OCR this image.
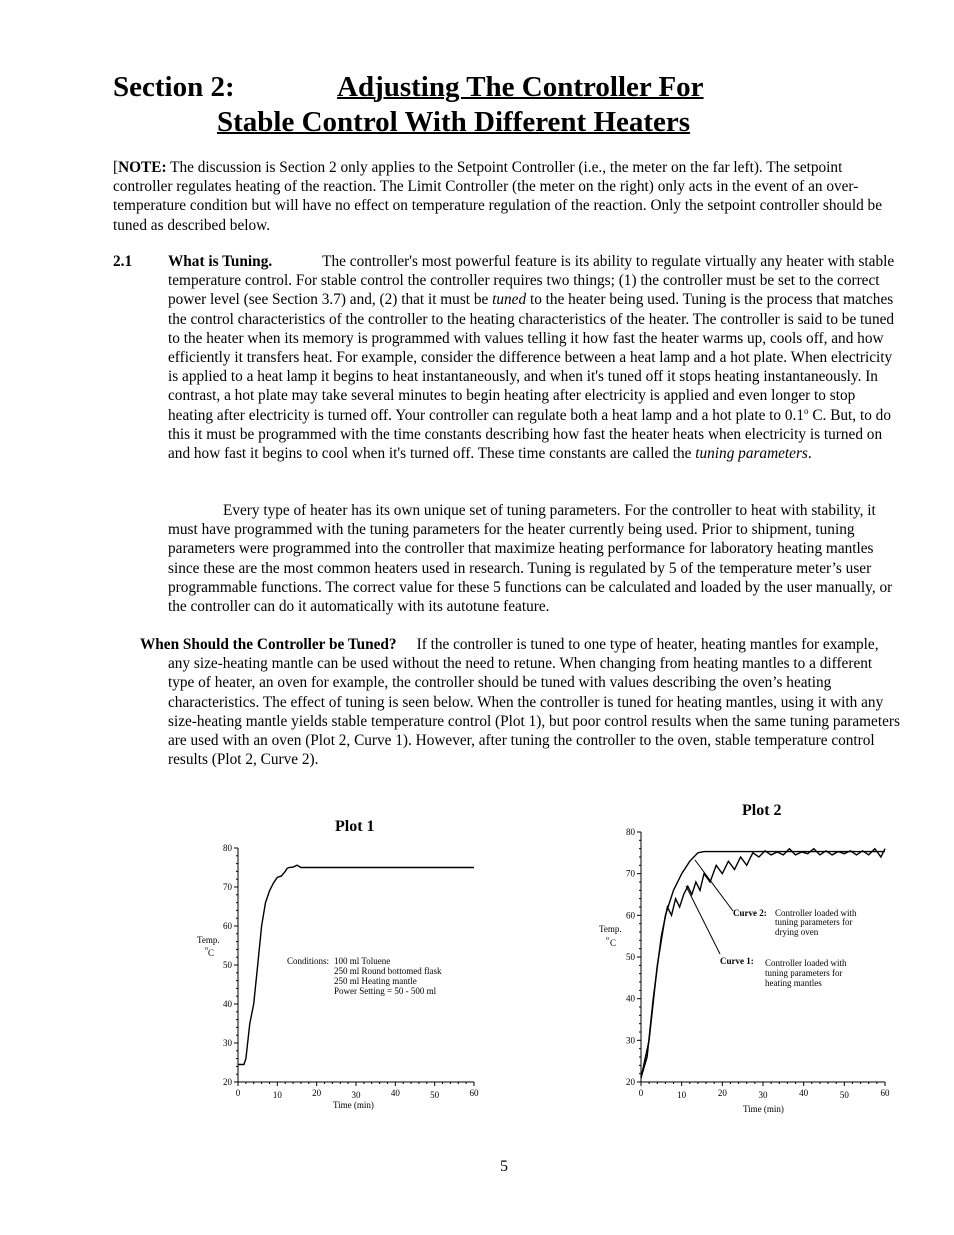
Section 2:	Adjusting The Controller For
Stable Control With Different Heaters
[NOTE: The discussion is Section 2 only applies to the Setpoint Controller (i.e., the meter on the far left). The setpoint controller regulates heating of the reaction. The Limit Controller (the meter on the right) only acts in the event of an over-temperature condition but will have no effect on temperature regulation of the reaction. Only the setpoint controller should be tuned as described below.
2.1 What is Tuning.	The controller's most powerful feature is its ability to regulate virtually any heater with stable temperature control. For stable control the controller requires two things; (1) the controller must be set to the correct power level (see Section 3.7) and, (2) that it must be tuned to the heater being used. Tuning is the process that matches the control characteristics of the controller to the heating characteristics of the heater. The controller is said to be tuned to the heater when its memory is programmed with values telling it how fast the heater warms up, cools off, and how efficiently it transfers heat. For example, consider the difference between a heat lamp and a hot plate. When electricity is applied to a heat lamp it begins to heat instantaneously, and when it's tuned off it stops heating instantaneously. In contrast, a hot plate may take several minutes to begin heating after electricity is applied and even longer to stop heating after electricity is turned off. Your controller can regulate both a heat lamp and a hot plate to 0.1$^o$ C. But, to do this it must be programmed with the time constants describing how fast the heater heats when electricity is turned on and how fast it begins to cool when it's turned off. These time constants are called the tuning parameters.
Every type of heater has its own unique set of tuning parameters. For the controller to heat with stability, it must have programmed with the tuning parameters for the heater currently being used. Prior to shipment, tuning parameters were programmed into the controller that maximize heating performance for laboratory heating mantles since these are the most common heaters used in research. Tuning is regulated by 5 of the temperature meter’s user programmable functions. The correct value for these 5 functions can be calculated and loaded by the user manually, or the controller can do it automatically with its autotune feature.
When Should the Controller be Tuned? If the controller is tuned to one type of heater, heating mantles for example, any size-heating mantle can be used without the need to retune. When changing from heating mantles to a different type of heater, an oven for example, the controller should be tuned with values describing the oven’s heating characteristics. The effect of tuning is seen below. When the controller is tuned for heating mantles, using it with any size-heating mantle yields stable temperature control (Plot 1), but poor control results when the same tuning parameters are used with an oven (Plot 2, Curve 1). However, after tuning the controller to the oven, stable temperature control results (Plot 2, Curve 2).
Plot 1
20
30
40
50
60
70
80
0	10	20	30	40	50	60
Temp.
o C
Time (min)
Conditions: 100 ml Toluene
250 ml Round bottomed flask
250 ml Heating mantle
Power Setting = 50 - 500 ml
Plot 2
20
30
40
50
60
70
80
0	10	20	30	40	50	60
Temp.
o C
Time (min)
Curve 2: Controller loaded with
tuning parameters for
drying oven
Curve 1: Controller loaded with
tuning parameters for
heating mantles
5
